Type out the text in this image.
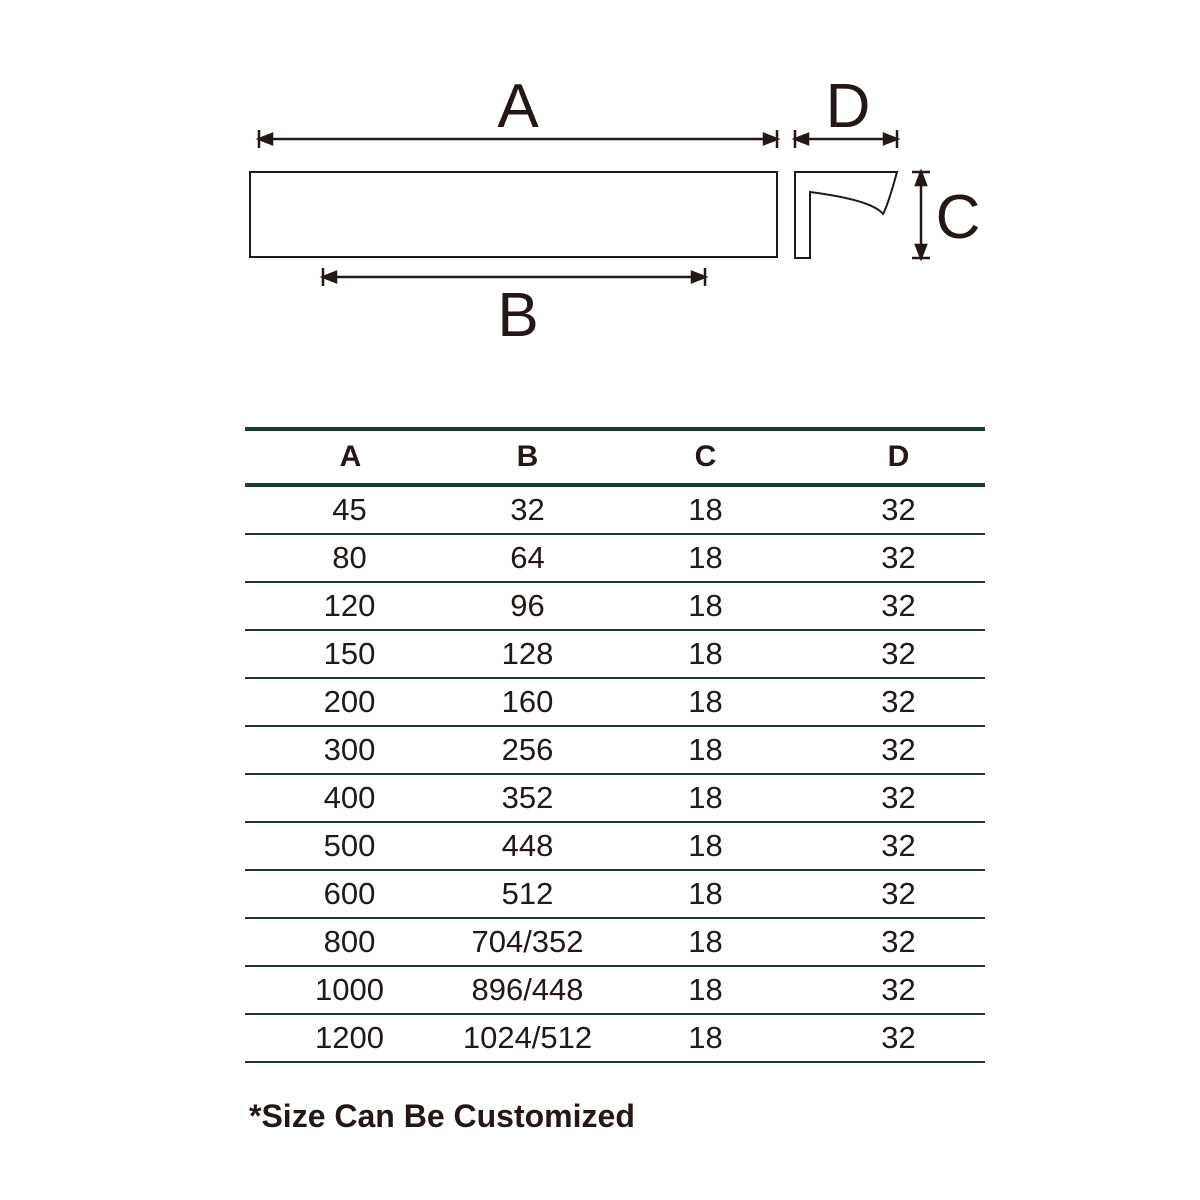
A
B
D
C
A	B	C	D
45	32	18	32
80	64	18	32
120	96	18	32
150	128	18	32
200	160	18	32
300	256	18	32
400	352	18	32
500	448	18	32
600	512	18	32
800	704/352	18	32
1000	896/448	18	32
1200	1024/512	18	32
*Size Can Be Customized
